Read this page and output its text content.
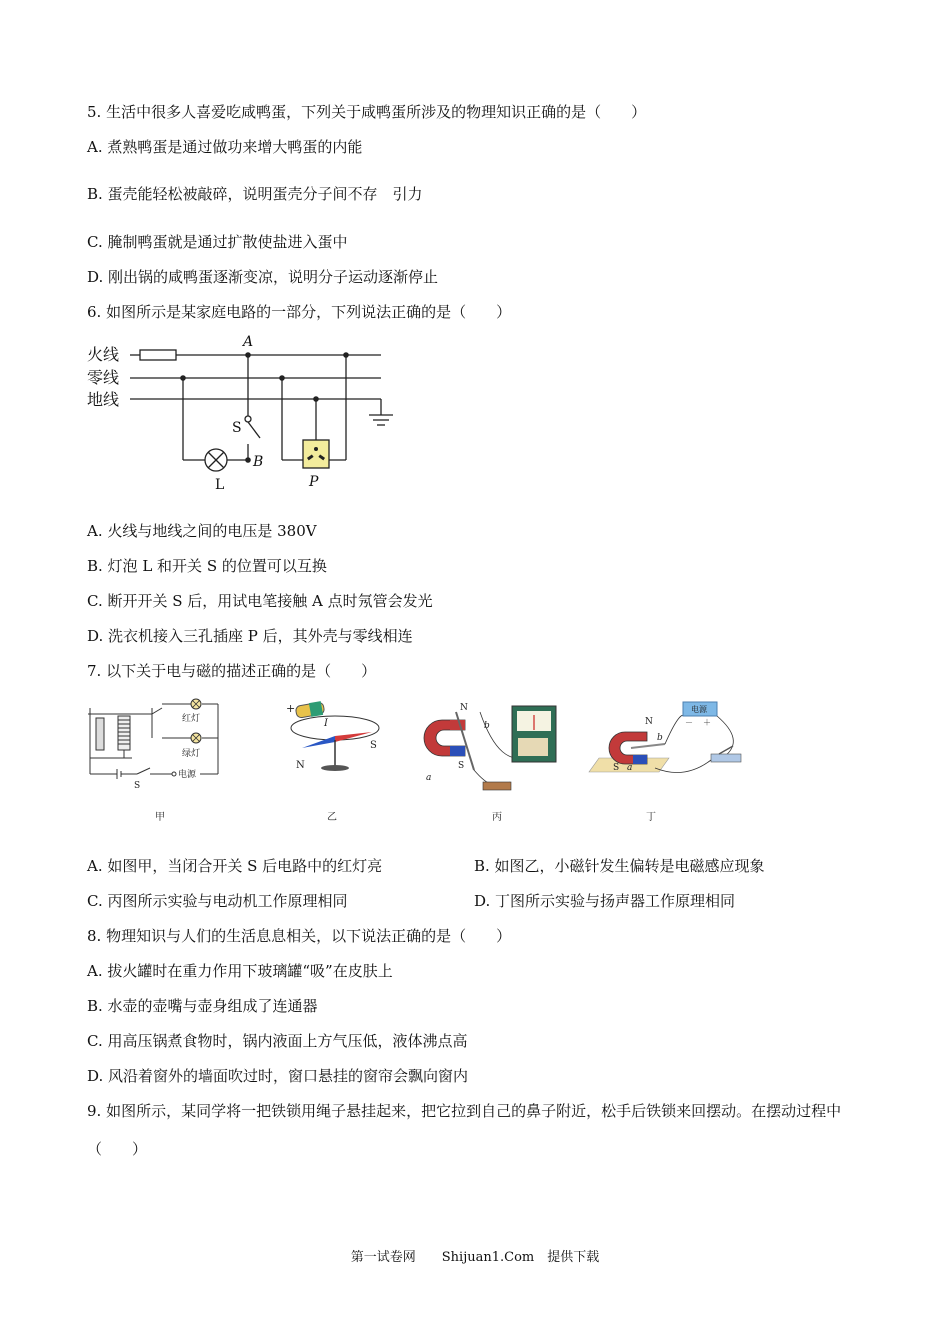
5. 生活中很多人喜爱吃咸鸭蛋，下列关于咸鸭蛋所涉及的物理知识正确的是（　　）
A. 煮熟鸭蛋是通过做功来增大鸭蛋的内能
B. 蛋壳能轻松被敲碎，说明蛋壳分子间不存　引力
C. 腌制鸭蛋就是通过扩散使盐进入蛋中
D. 刚出锅的咸鸭蛋逐渐变凉，说明分子运动逐渐停止
6. 如图所示是某家庭电路的一部分，下列说法正确的是（　　）
火线
零线
地线
A
S
B
L	P
A. 火线与地线之间的电压是 380V
B. 灯泡 L 和开关 S 的位置可以互换
C. 断开开关 S 后，用试电笔接触 A 点时氖管会发光
D. 洗衣机接入三孔插座 P 后，其外壳与零线相连
7. 以下关于电与磁的描述正确的是（　　）
红灯
绿灯
电源
S
甲
+
I
S
N
乙
N
S
a
b
丙
电源
－ ＋
N
b
S a
丁
A. 如图甲，当闭合开关 S 后电路中的红灯亮	B. 如图乙，小磁针发生偏转是电磁感应现象
C. 丙图所示实验与电动机工作原理相同	D. 丁图所示实验与扬声器工作原理相同
8. 物理知识与人们的生活息息相关，以下说法正确的是（　　）
A. 拔火罐时在重力作用下玻璃罐“吸”在皮肤上
B. 水壶的壶嘴与壶身组成了连通器
C. 用高压锅煮食物时，锅内液面上方气压低，液体沸点高
D. 风沿着窗外的墙面吹过时，窗口悬挂的窗帘会飘向窗内
9. 如图所示，某同学将一把铁锁用绳子悬挂起来，把它拉到自己的鼻子附近，松手后铁锁来回摆动。在摆动过程中（　　）
第一试卷网　　Shijuan1.Com　提供下载
